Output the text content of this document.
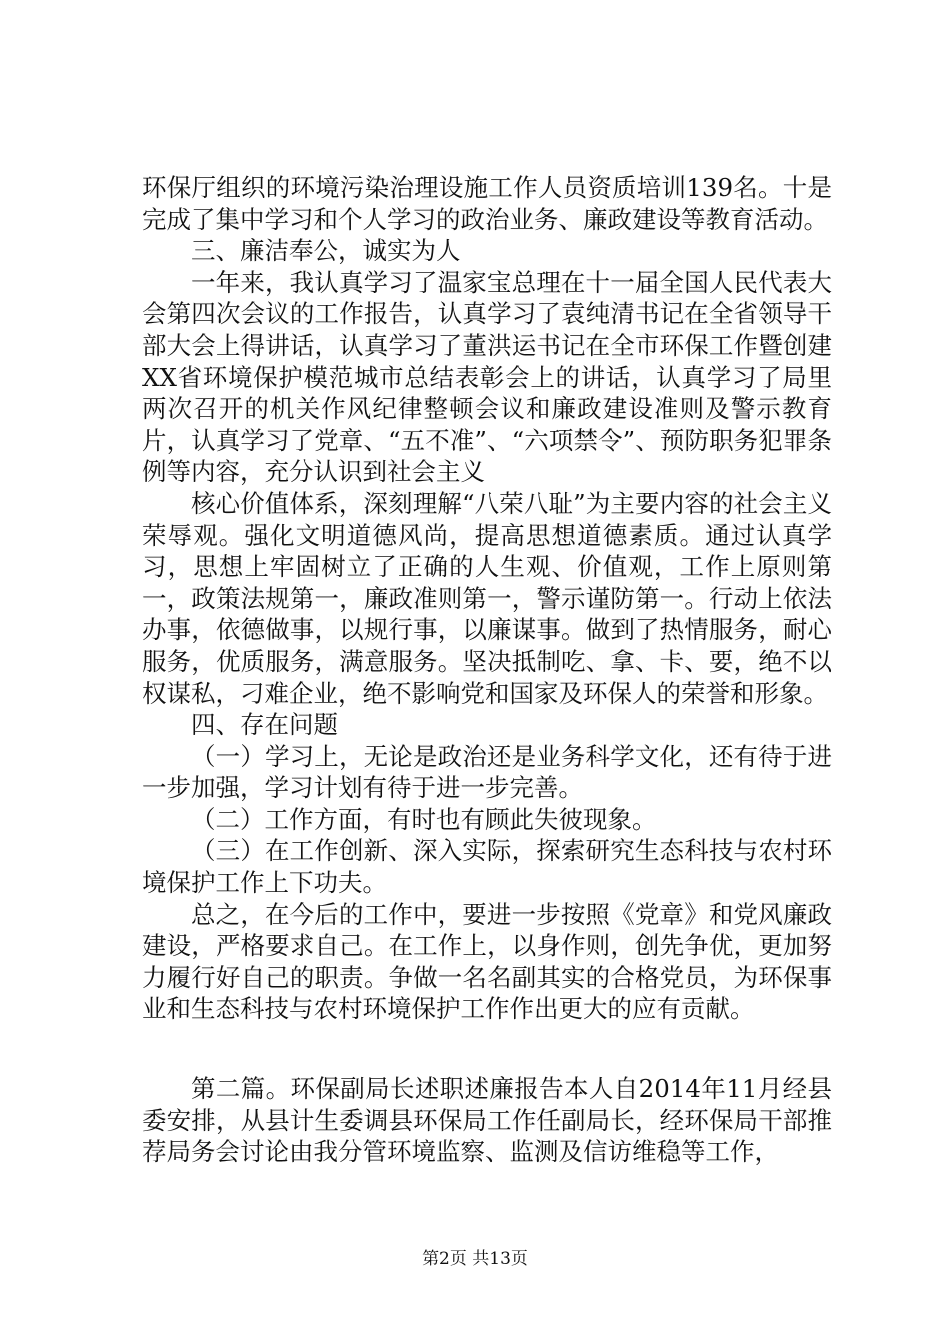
环保厅组织的环境污染治理设施工作人员资质培训139名。十是完成了集中学习和个人学习的政治业务、廉政建设等教育活动。

三、廉洁奉公，诚实为人

一年来，我认真学习了温家宝总理在十一届全国人民代表大会第四次会议的工作报告，认真学习了袁纯清书记在全省领导干部大会上得讲话，认真学习了董洪运书记在全市环保工作暨创建XX省环境保护模范城市总结表彰会上的讲话，认真学习了局里两次召开的机关作风纪律整顿会议和廉政建设准则及警示教育片，认真学习了党章、“五不准”、“六项禁令”、预防职务犯罪条例等内容，充分认识到社会主义

核心价值体系，深刻理解“八荣八耻”为主要内容的社会主义荣辱观。强化文明道德风尚，提高思想道德素质。通过认真学习，思想上牢固树立了正确的人生观、价值观，工作上原则第一，政策法规第一，廉政准则第一，警示谨防第一。行动上依法办事，依德做事，以规行事，以廉谋事。做到了热情服务，耐心服务，优质服务，满意服务。坚决抵制吃、拿、卡、要，绝不以权谋私，刁难企业，绝不影响党和国家及环保人的荣誉和形象。

四、存在问题

（一）学习上，无论是政治还是业务科学文化，还有待于进一步加强，学习计划有待于进一步完善。

（二）工作方面，有时也有顾此失彼现象。

（三）在工作创新、深入实际，探索研究生态科技与农村环境保护工作上下功夫。

总之，在今后的工作中，要进一步按照《党章》和党风廉政建设，严格要求自己。在工作上，以身作则，创先争优，更加努力履行好自己的职责。争做一名名副其实的合格党员，为环保事业和生态科技与农村环境保护工作作出更大的应有贡献。

第二篇。环保副局长述职述廉报告本人自2014年11月经县委安排，从县计生委调县环保局工作任副局长，经环保局干部推荐局务会讨论由我分管环境监察、监测及信访维稳等工作，

第2页 共13页
